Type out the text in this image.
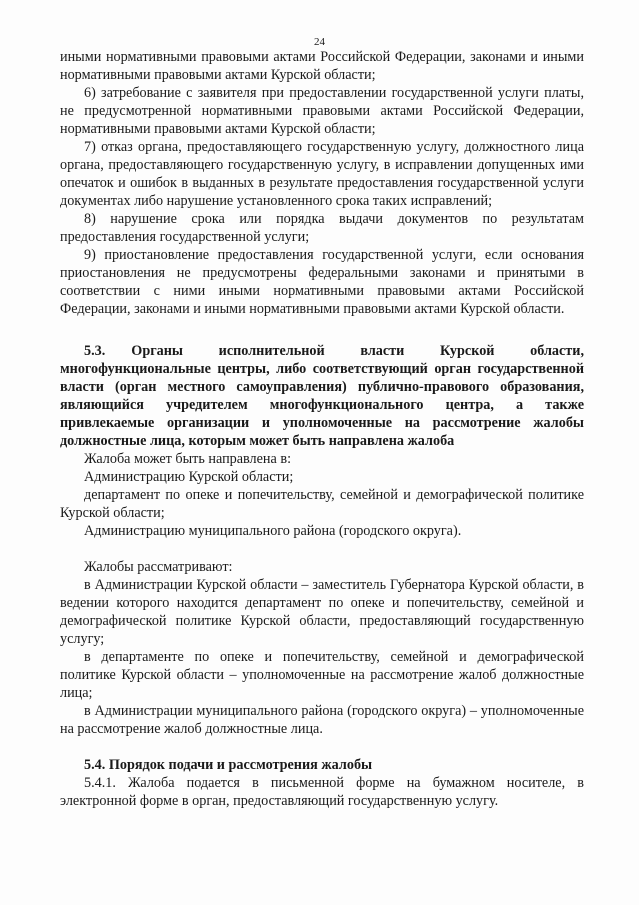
24

иными нормативными правовыми актами Российской Федерации, законами и иными нормативными правовыми актами Курской области;

6) затребование с заявителя при предоставлении государственной услуги платы, не предусмотренной нормативными правовыми актами Российской Федерации, нормативными правовыми актами Курской области;

7) отказ органа, предоставляющего государственную услугу, должностного лица органа, предоставляющего государственную услугу, в исправлении допущенных ими опечаток и ошибок в выданных в результате предоставления государственной услуги документах либо нарушение установленного срока таких исправлений;

8) нарушение срока или порядка выдачи документов по результатам предоставления государственной услуги;

9) приостановление предоставления государственной услуги, если основания приостановления не предусмотрены федеральными законами и принятыми в соответствии с ними иными нормативными правовыми актами Российской Федерации, законами и иными нормативными правовыми актами Курской области.

5.3. Органы исполнительной власти Курской области, многофункциональные центры, либо соответствующий орган государственной власти (орган местного самоуправления) публично-правового образования, являющийся учредителем многофункционального центра, а также привлекаемые организации и уполномоченные на рассмотрение жалобы должностные лица, которым может быть направлена жалоба

Жалоба может быть направлена в:

Администрацию Курской области;

департамент по опеке и попечительству, семейной и демографической политике Курской области;

Администрацию муниципального района (городского округа).

Жалобы рассматривают:

в Администрации Курской области – заместитель Губернатора Курской области, в ведении которого находится департамент по опеке и попечительству, семейной и демографической политике Курской области, предоставляющий государственную услугу;

в департаменте по опеке и попечительству, семейной и демографической политике Курской области – уполномоченные на рассмотрение жалоб должностные лица;

в Администрации муниципального района (городского округа) – уполномоченные на рассмотрение жалоб должностные лица.

5.4. Порядок подачи и рассмотрения жалобы

5.4.1. Жалоба подается в письменной форме на бумажном носителе, в электронной форме в орган, предоставляющий государственную услугу.
